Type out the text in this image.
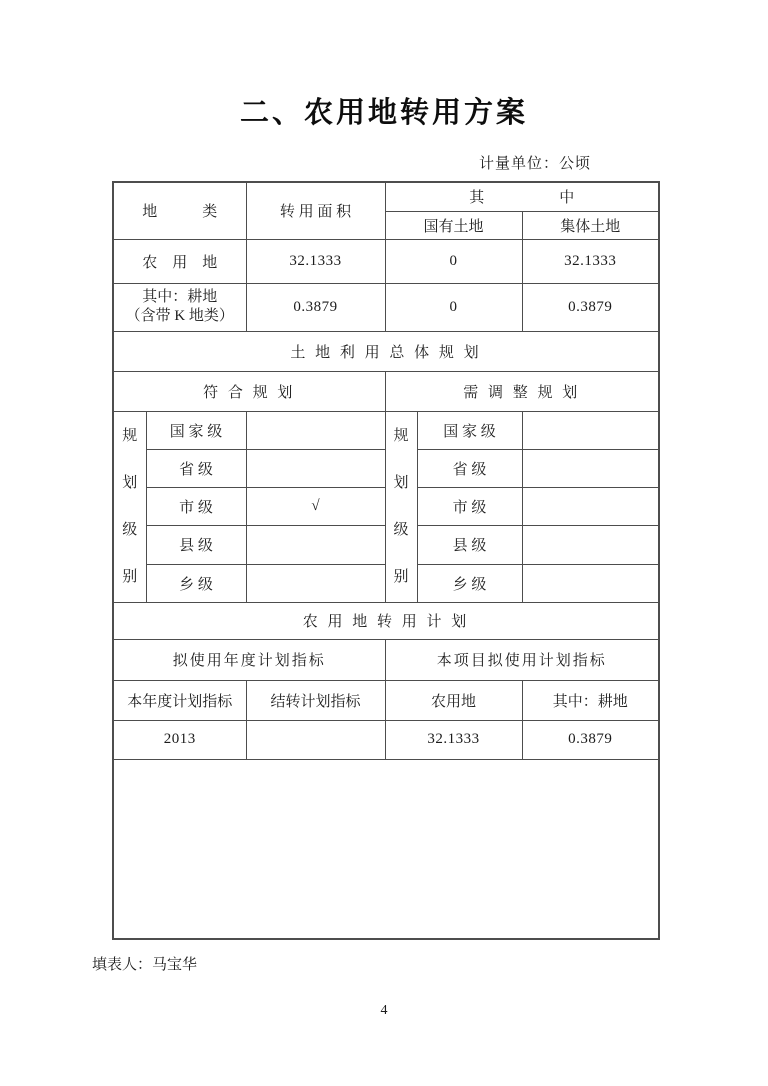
二、农用地转用方案
计量单位：公顷
地　　　类		转 用 面 积	其　　　　　中		
			国有土地		集体土地
农　用　地		32.1333	0		32.1333

其中：耕地
（含带 K 地类）		0.3879	0		0.3879
土 地 利 用 总 体 规 划					
符 合 规 划			需 调 整 规 划		

规划级别	国 家 级		规划级别	国 家 级	
	省 级			省 级	
	市 级	√		市 级	
	县 级			县 级	
	乡 级			乡 级	
农 用 地 转 用 计 划					
拟使用年度计划指标			本项目拟使用计划指标		
本年度计划指标		结转计划指标	农用地		其中：耕地
2013			32.1333		0.3879

填表人：马宝华
4
